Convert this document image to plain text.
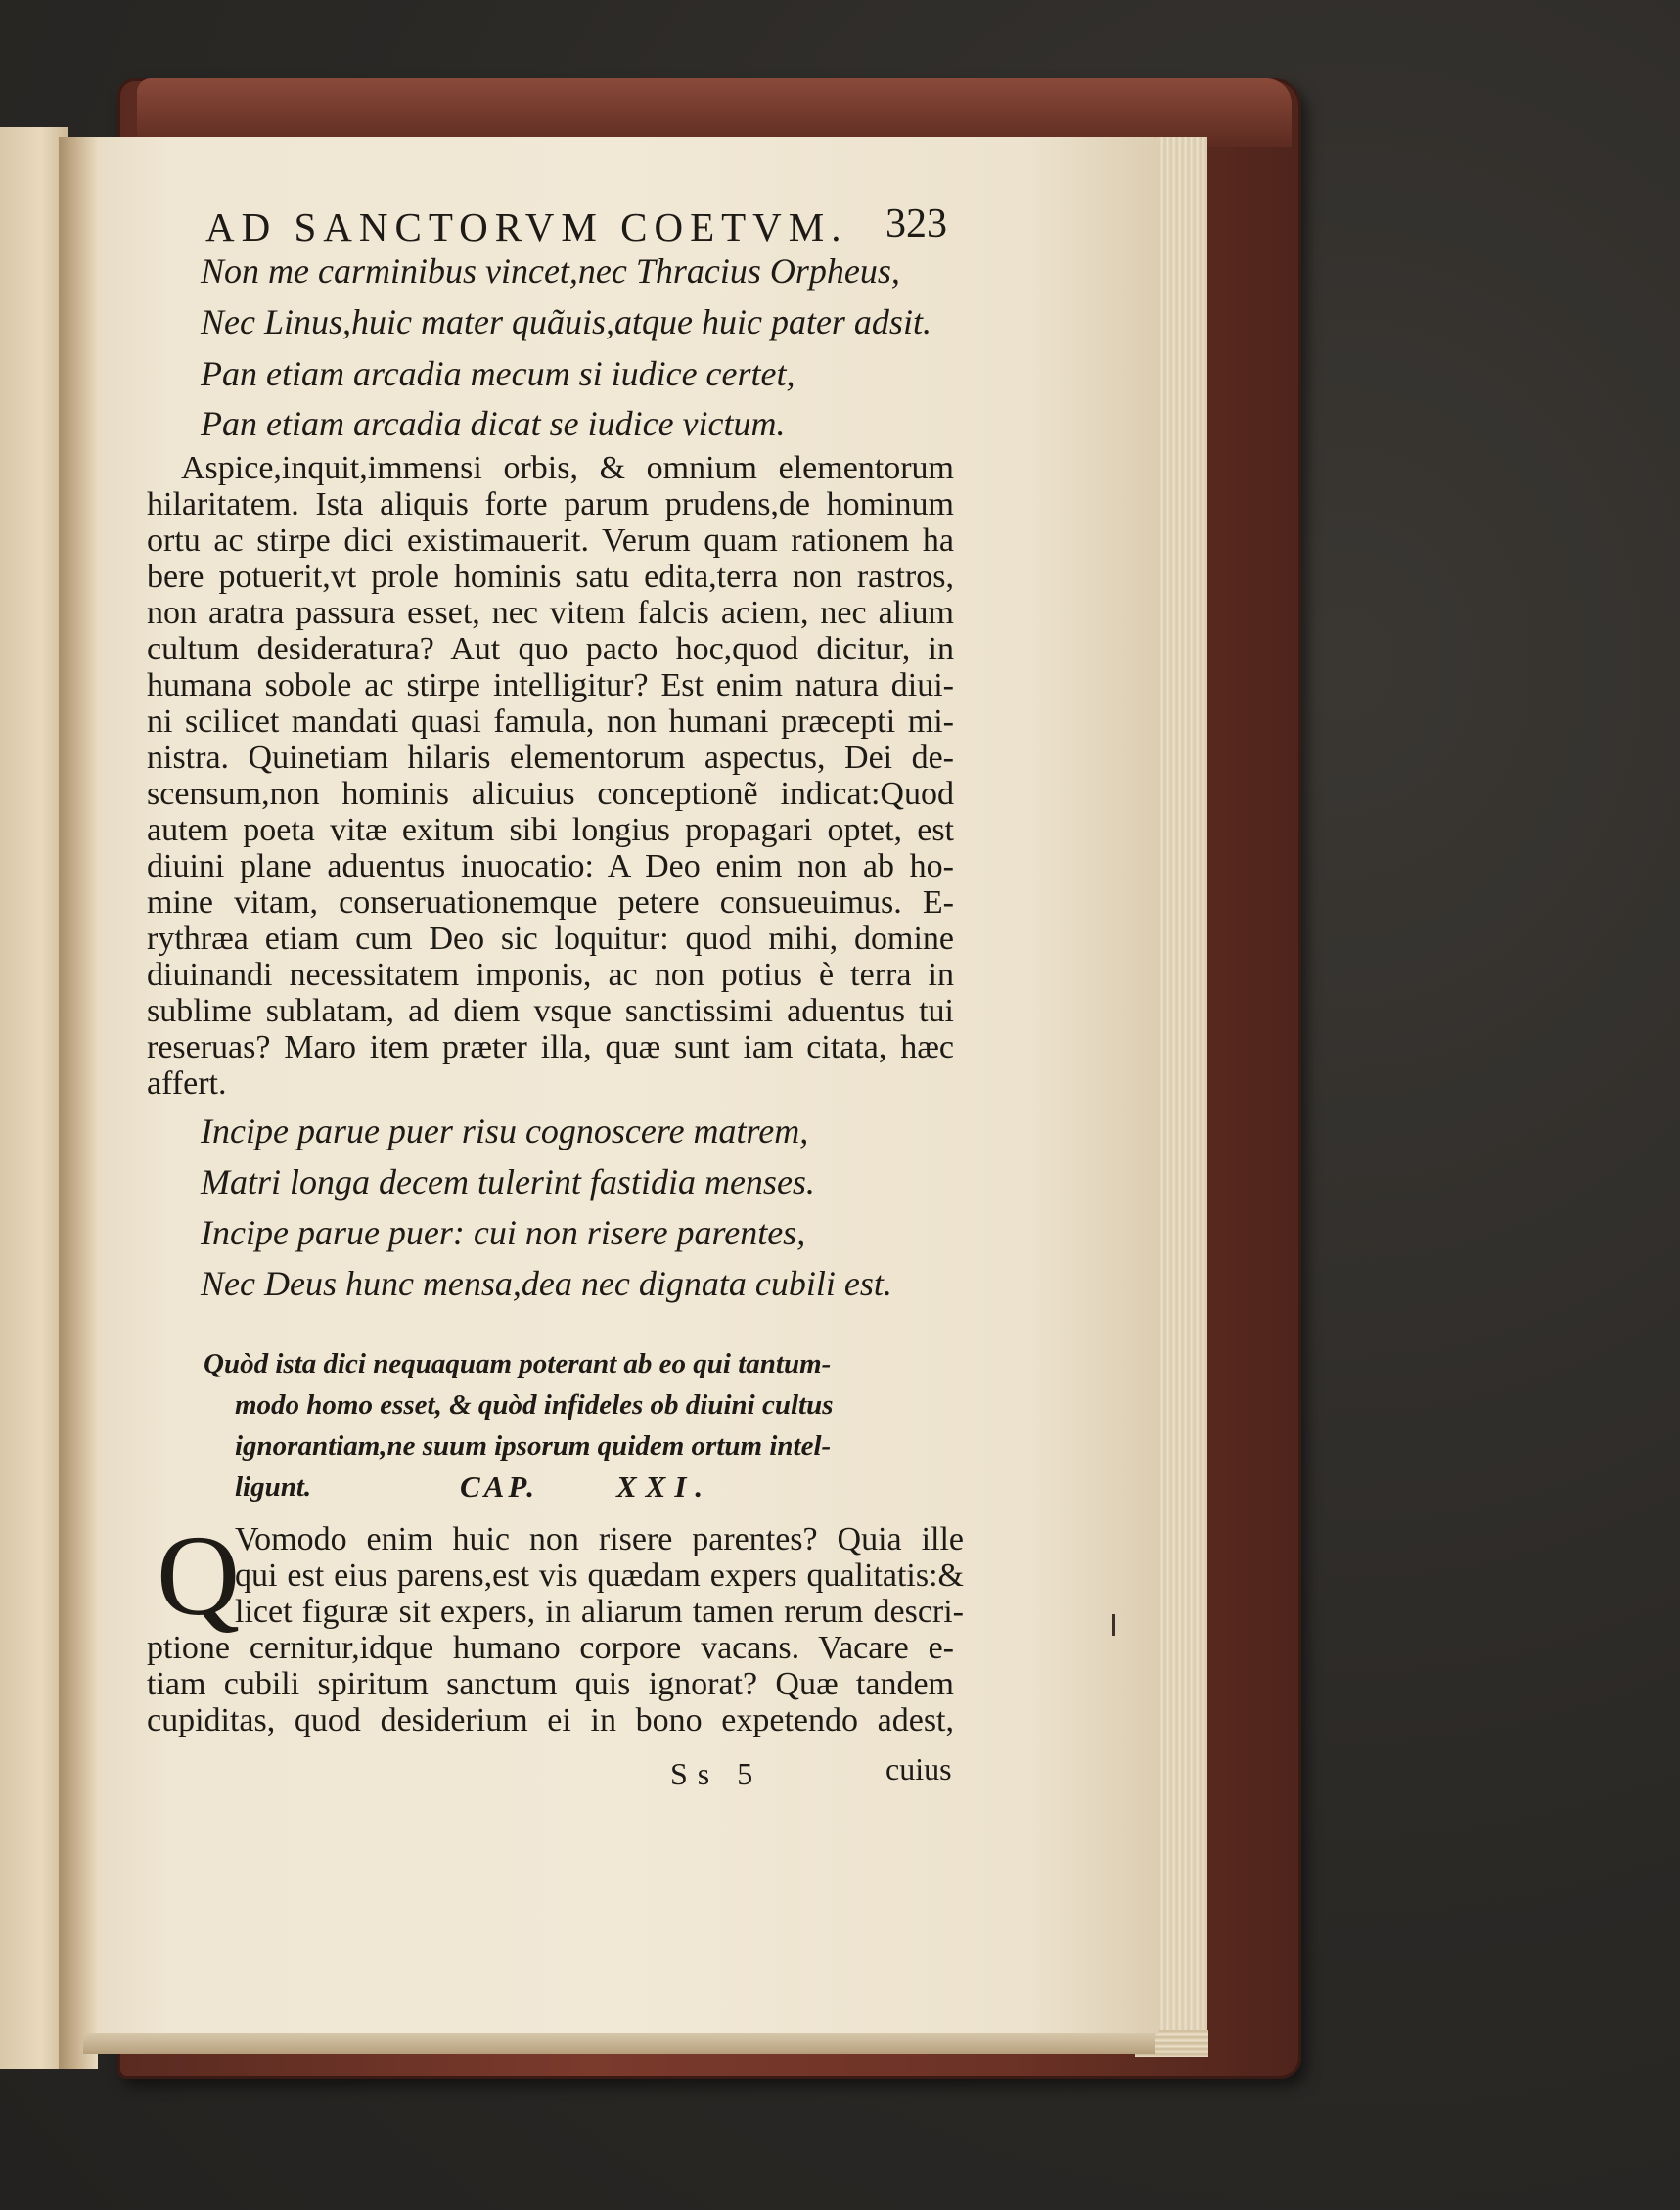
AD SANCTORVM COETVM. 323
Non me carminibus vincet,nec Thracius Orpheus,
Nec Linus,huic mater quãuis,atque huic pater adsit.
Pan etiam arcadia mecum si iudice certet,
Pan etiam arcadia dicat se iudice victum.
Aspice,inquit,immensi orbis, & omnium elementorum
hilaritatem. Ista aliquis forte parum prudens,de hominum
ortu ac stirpe dici existimauerit. Verum quam rationem ha
bere potuerit,vt prole hominis satu edita,terra non rastros,
non aratra passura esset, nec vitem falcis aciem, nec alium
cultum desideratura? Aut quo pacto hoc,quod dicitur, in
humana sobole ac stirpe intelligitur? Est enim natura diui-
ni scilicet mandati quasi famula, non humani præcepti mi-
nistra. Quinetiam hilaris elementorum aspectus, Dei de-
scensum,non hominis alicuius conceptionẽ indicat:Quod
autem poeta vitæ exitum sibi longius propagari optet, est
diuini plane aduentus inuocatio: A Deo enim non ab ho-
mine vitam, conseruationemque petere consueuimus. E-
rythræa etiam cum Deo sic loquitur: quod mihi, domine
diuinandi necessitatem imponis, ac non potius è terra in
sublime sublatam, ad diem vsque sanctissimi aduentus tui
reseruas? Maro item præter illa, quæ sunt iam citata, hæc
affert.
Incipe parue puer risu cognoscere matrem,
Matri longa decem tulerint fastidia menses.
Incipe parue puer: cui non risere parentes,
Nec Deus hunc mensa,dea nec dignata cubili est.
Quòd ista dici nequaquam poterant ab eo qui tantum-
modo homo esset, & quòd infideles ob diuini cultus
ignorantiam,ne suum ipsorum quidem ortum intel-
ligunt.	CAP.	XXI.
Q
Vomodo enim huic non risere parentes? Quia ille
qui est eius parens,est vis quædam expers qualitatis:&
licet figuræ sit expers, in aliarum tamen rerum descri-
ptione cernitur,idque humano corpore vacans. Vacare e-
tiam cubili spiritum sanctum quis ignorat? Quæ tandem
cupiditas, quod desiderium ei in bono expetendo adest,
Ss 5	cuius
